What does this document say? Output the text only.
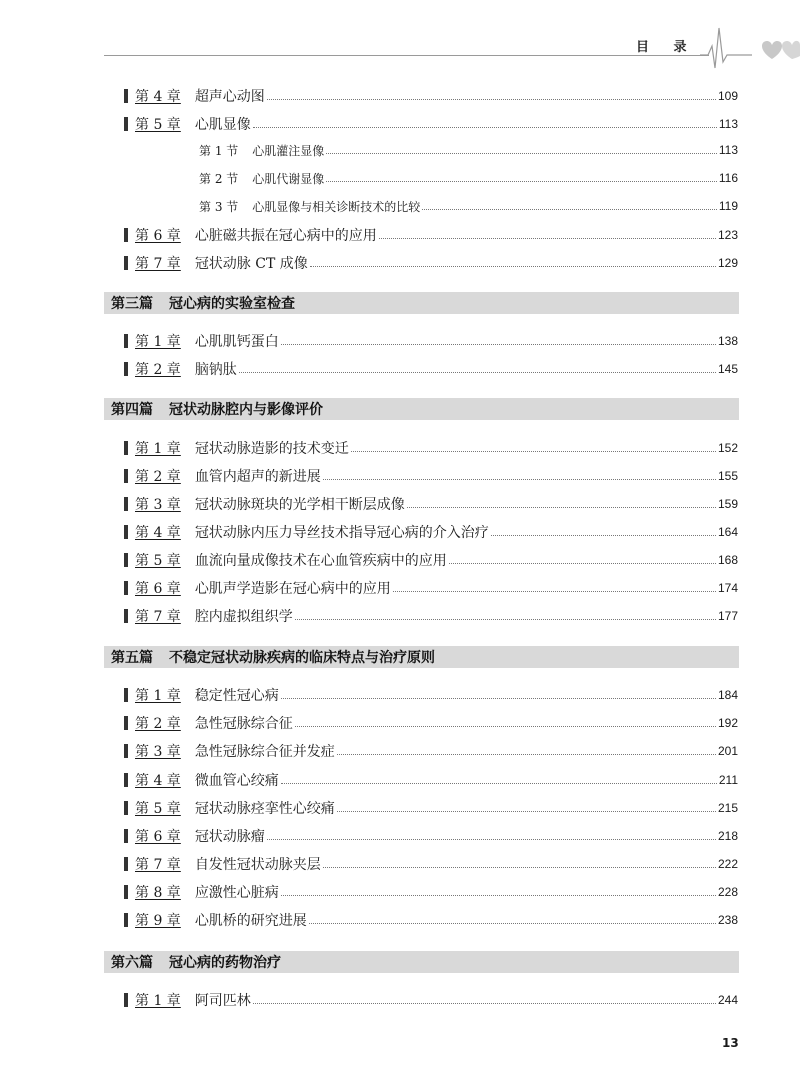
目 录
第 4 章 超声心动图	109
第 5 章 心肌显像	113
第 1 节 心肌灌注显像	113
第 2 节 心肌代谢显像	116
第 3 节 心肌显像与相关诊断技术的比较	119
第 6 章 心脏磁共振在冠心病中的应用	123
第 7 章 冠状动脉 CT 成像	129
第三篇 冠心病的实验室检查
第 1 章 心肌肌钙蛋白	138
第 2 章 脑钠肽	145
第四篇 冠状动脉腔内与影像评价
第 1 章 冠状动脉造影的技术变迁	152
第 2 章 血管内超声的新进展	155
第 3 章 冠状动脉斑块的光学相干断层成像	159
第 4 章 冠状动脉内压力导丝技术指导冠心病的介入治疗	164
第 5 章 血流向量成像技术在心血管疾病中的应用	168
第 6 章 心肌声学造影在冠心病中的应用	174
第 7 章 腔内虚拟组织学	177
第五篇 不稳定冠状动脉疾病的临床特点与治疗原则
第 1 章 稳定性冠心病	184
第 2 章 急性冠脉综合征	192
第 3 章 急性冠脉综合征并发症	201
第 4 章 微血管心绞痛	211
第 5 章 冠状动脉痉挛性心绞痛	215
第 6 章 冠状动脉瘤	218
第 7 章 自发性冠状动脉夹层	222
第 8 章 应激性心脏病	228
第 9 章 心肌桥的研究进展	238
第六篇 冠心病的药物治疗
第 1 章 阿司匹林	244
13
